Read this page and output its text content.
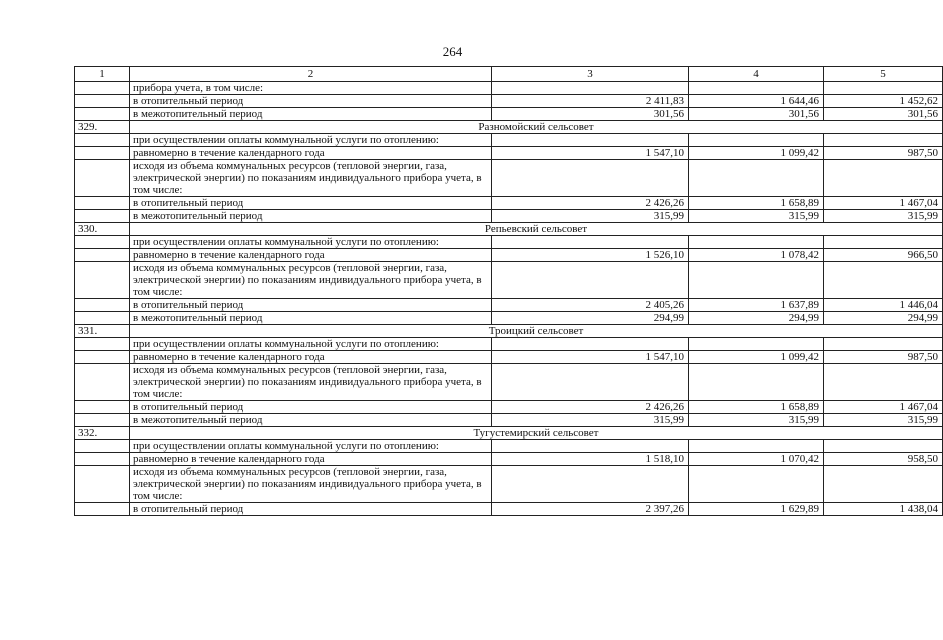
264
1	2	3	4	5
	прибора учета, в том числе:			
	в отопительный период	2 411,83	1 644,46	1 452,62
	в межотопительный период	301,56	301,56	301,56
329.	Разномойский сельсовет			
	при осуществлении оплаты коммунальной услуги по отоплению:			
	равномерно в течение календарного года	1 547,10	1 099,42	987,50
	исходя из объема коммунальных ресурсов (тепловой энергии, газа, электрической энергии) по показаниям индивидуального прибора учета, в том числе:			
	в отопительный период	2 426,26	1 658,89	1 467,04
	в межотопительный период	315,99	315,99	315,99
330.	Репьевский сельсовет			
	при осуществлении оплаты коммунальной услуги по отоплению:			
	равномерно в течение календарного года	1 526,10	1 078,42	966,50
	исходя из объема коммунальных ресурсов (тепловой энергии, газа, электрической энергии) по показаниям индивидуального прибора учета, в том числе:			
	в отопительный период	2 405,26	1 637,89	1 446,04
	в межотопительный период	294,99	294,99	294,99
331.	Троицкий сельсовет			
	при осуществлении оплаты коммунальной услуги по отоплению:			
	равномерно в течение календарного года	1 547,10	1 099,42	987,50
	исходя из объема коммунальных ресурсов (тепловой энергии, газа, электрической энергии) по показаниям индивидуального прибора учета, в том числе:			
	в отопительный период	2 426,26	1 658,89	1 467,04
	в межотопительный период	315,99	315,99	315,99
332.	Тугустемирский сельсовет			
	при осуществлении оплаты коммунальной услуги по отоплению:			
	равномерно в течение календарного года	1 518,10	1 070,42	958,50
	исходя из объема коммунальных ресурсов (тепловой энергии, газа, электрической энергии) по показаниям индивидуального прибора учета, в том числе:			
	в отопительный период	2 397,26	1 629,89	1 438,04
